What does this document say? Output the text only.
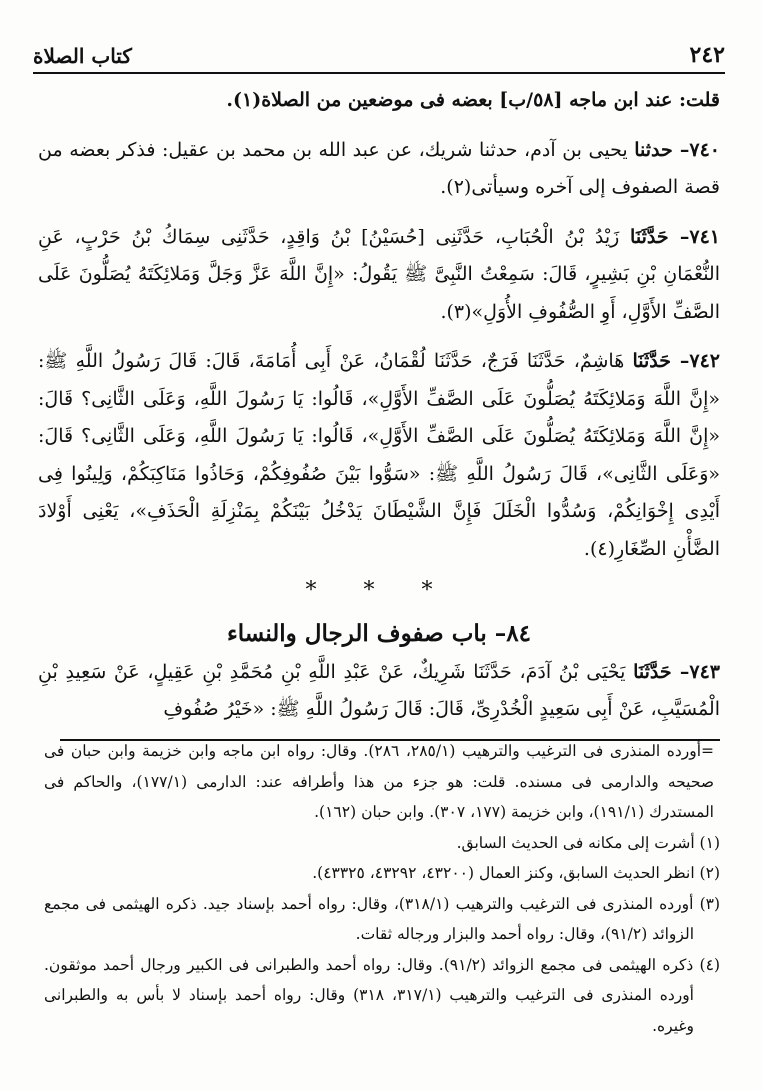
٢٤٢
كتاب الصلاة

قلت: عند ابن ماجه [٥٨/ب] بعضه فى موضعين من الصلاة(١).

٧٤٠– حدثنا يحيى بن آدم، حدثنا شريك، عن عبد الله بن محمد بن عقيل: فذكر بعضه من قصة الصفوف إلى آخره وسيأتى(٢).

٧٤١– حَدَّثَنَا زَيْدُ بْنُ الْحُبَابِ، حَدَّثَنِى [حُسَيْنُ] بْنُ وَاقِدٍ، حَدَّثَنِى سِمَاكُ بْنُ حَرْبٍ، عَنِ النُّعْمَانِ بْنِ بَشِيرٍ، قَالَ: سَمِعْتُ النَّبِىَّ ﷺ يَقُولُ: «إِنَّ اللَّهَ عَزَّ وَجَلَّ وَمَلائِكَتَهُ يُصَلُّونَ عَلَى الصَّفِّ الأَوَّلِ، أَوِ الصُّفُوفِ الأُوَلِ»(٣).

٧٤٢– حَدَّثَنَا هَاشِمٌ، حَدَّثَنَا فَرَجٌ، حَدَّثَنَا لُقْمَانُ، عَنْ أَبِى أُمَامَةَ، قَالَ: قَالَ رَسُولُ اللَّهِ ﷺ: «إِنَّ اللَّهَ وَمَلائِكَتَهُ يُصَلُّونَ عَلَى الصَّفِّ الأَوَّلِ»، قَالُوا: يَا رَسُولَ اللَّهِ، وَعَلَى الثَّانِى؟ قَالَ: «إِنَّ اللَّهَ وَمَلائِكَتَهُ يُصَلُّونَ عَلَى الصَّفِّ الأَوَّلِ»، قَالُوا: يَا رَسُولَ اللَّهِ، وَعَلَى الثَّانِى؟ قَالَ: «وَعَلَى الثَّانِى»، قَالَ رَسُولُ اللَّهِ ﷺ: «سَوُّوا بَيْنَ صُفُوفِكُمْ، وَحَاذُوا مَنَاكِبَكُمْ، وَلِينُوا فِى أَيْدِى إِخْوَانِكُمْ، وَسُدُّوا الْخَلَلَ فَإِنَّ الشَّيْطَانَ يَدْخُلُ بَيْنَكُمْ بِمَنْزِلَةِ الْحَذَفِ»، يَعْنِى أَوْلادَ الضَّأْنِ الصِّغَارِ(٤).

* * *
٨٤– باب صفوف الرجال والنساء

٧٤٣– حَدَّثَنَا يَحْيَى بْنُ آدَمَ، حَدَّثَنَا شَرِيكٌ، عَنْ عَبْدِ اللَّهِ بْنِ مُحَمَّدِ بْنِ عَقِيلٍ، عَنْ سَعِيدِ بْنِ الْمُسَيَّبِ، عَنْ أَبِى سَعِيدٍ الْخُدْرِىِّ، قَالَ: قَالَ رَسُولُ اللَّهِ ﷺ: «خَيْرُ صُفُوفِ

=أورده المنذرى فى الترغيب والترهيب (٢٨٥/١، ٢٨٦). وقال: رواه ابن ماجه وابن خزيمة وابن حبان فى صحيحه والدارمى فى مسنده. قلت: هو جزء من هذا وأطرافه عند: الدارمى (١٧٧/١)، والحاكم فى المستدرك (١٩١/١)، وابن خزيمة (١٧٧، ٣٠٧). وابن حبان (١٦٢).

(١) أشرت إلى مكانه فى الحديث السابق.

(٢) انظر الحديث السابق، وكنز العمال (٤٣٢٠٠، ٤٣٢٩٢، ٤٣٣٢٥).

(٣) أورده المنذرى فى الترغيب والترهيب (٣١٨/١)، وقال: رواه أحمد بإسناد جيد. ذكره الهيثمى فى مجمع الزوائد (٩١/٢)، وقال: رواه أحمد والبزار ورجاله ثقات.

(٤) ذكره الهيثمى فى مجمع الزوائد (٩١/٢). وقال: رواه أحمد والطبرانى فى الكبير ورجال أحمد موثقون. أورده المنذرى فى الترغيب والترهيب (٣١٧/١، ٣١٨) وقال: رواه أحمد بإسناد لا بأس به والطبرانى وغيره.
